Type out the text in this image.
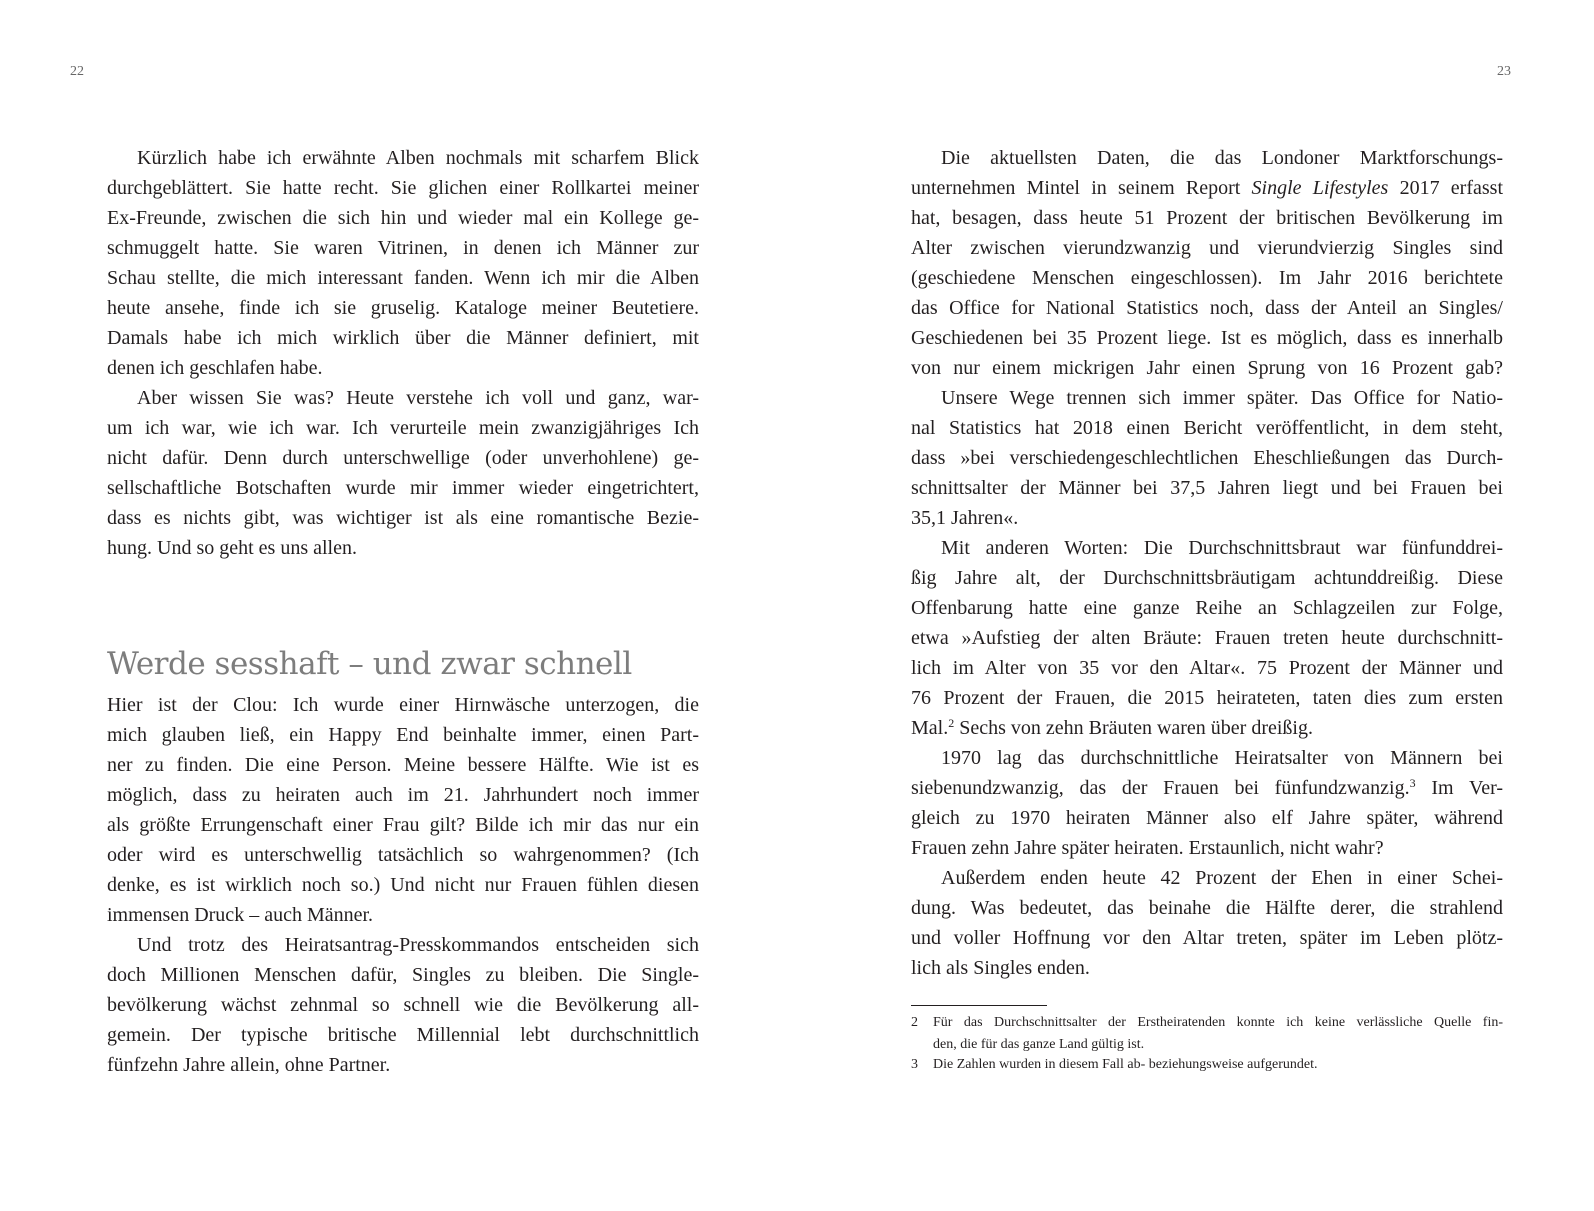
22	23
Kürzlich habe ich erwähnte Alben nochmals mit scharfem Blick
durchgeblättert. Sie hatte recht. Sie glichen einer Rollkartei meiner
Ex-Freunde, zwischen die sich hin und wieder mal ein Kollege ge-
schmuggelt hatte. Sie waren Vitrinen, in denen ich Männer zur
Schau stellte, die mich interessant fanden. Wenn ich mir die Alben
heute ansehe, finde ich sie gruselig. Kataloge meiner Beutetiere.
Damals habe ich mich wirklich über die Männer definiert, mit
denen ich geschlafen habe.
Aber wissen Sie was? Heute verstehe ich voll und ganz, war-
um ich war, wie ich war. Ich verurteile mein zwanzigjähriges Ich
nicht dafür. Denn durch unterschwellige (oder unverhohlene) ge-
sellschaftliche Botschaften wurde mir immer wieder eingetrichtert,
dass es nichts gibt, was wichtiger ist als eine romantische Bezie-
hung. Und so geht es uns allen.
Werde sesshaft – und zwar schnell
Hier ist der Clou: Ich wurde einer Hirnwäsche unterzogen, die
mich glauben ließ, ein Happy End beinhalte immer, einen Part-
ner zu finden. Die eine Person. Meine bessere Hälfte. Wie ist es
möglich, dass zu heiraten auch im 21. Jahrhundert noch immer
als größte Errungenschaft einer Frau gilt? Bilde ich mir das nur ein
oder wird es unterschwellig tatsächlich so wahrgenommen? (Ich
denke, es ist wirklich noch so.) Und nicht nur Frauen fühlen diesen
immensen Druck – auch Männer.
Und trotz des Heiratsantrag-Presskommandos entscheiden sich
doch Millionen Menschen dafür, Singles zu bleiben. Die Single-
bevölkerung wächst zehnmal so schnell wie die Bevölkerung all-
gemein. Der typische britische Millennial lebt durchschnittlich
fünfzehn Jahre allein, ohne Partner.
Die aktuellsten Daten, die das Londoner Marktforschungs-
unternehmen Mintel in seinem Report Single Lifestyles 2017 erfasst
hat, besagen, dass heute 51 Prozent der britischen Bevölkerung im
Alter zwischen vierundzwanzig und vierundvierzig Singles sind
(geschiedene Menschen eingeschlossen). Im Jahr 2016 berichtete
das Office for National Statistics noch, dass der Anteil an Singles/
Geschiedenen bei 35 Prozent liege. Ist es möglich, dass es innerhalb
von nur einem mickrigen Jahr einen Sprung von 16 Prozent gab?
Unsere Wege trennen sich immer später. Das Office for Natio-
nal Statistics hat 2018 einen Bericht veröffentlicht, in dem steht,
dass »bei verschiedengeschlechtlichen Eheschließungen das Durch-
schnittsalter der Männer bei 37,5 Jahren liegt und bei Frauen bei
35,1 Jahren«.
Mit anderen Worten: Die Durchschnittsbraut war fünfunddrei-
ßig Jahre alt, der Durchschnittsbräutigam achtunddreißig. Diese
Offenbarung hatte eine ganze Reihe an Schlagzeilen zur Folge,
etwa »Aufstieg der alten Bräute: Frauen treten heute durchschnitt-
lich im Alter von 35 vor den Altar«. 75 Prozent der Männer und
76 Prozent der Frauen, die 2015 heirateten, taten dies zum ersten
Mal.$^2$ Sechs von zehn Bräuten waren über dreißig.
1970 lag das durchschnittliche Heiratsalter von Männern bei
siebenundzwanzig, das der Frauen bei fünfundzwanzig.$^3$ Im Ver-
gleich zu 1970 heiraten Männer also elf Jahre später, während
Frauen zehn Jahre später heiraten. Erstaunlich, nicht wahr?
Außerdem enden heute 42 Prozent der Ehen in einer Schei-
dung. Was bedeutet, das beinahe die Hälfte derer, die strahlend
und voller Hoffnung vor den Altar treten, später im Leben plötz-
lich als Singles enden.
2	Für das Durchschnittsalter der Erstheiratenden konnte ich keine verlässliche Quelle fin-
den, die für das ganze Land gültig ist.
3	Die Zahlen wurden in diesem Fall ab- beziehungsweise aufgerundet.
